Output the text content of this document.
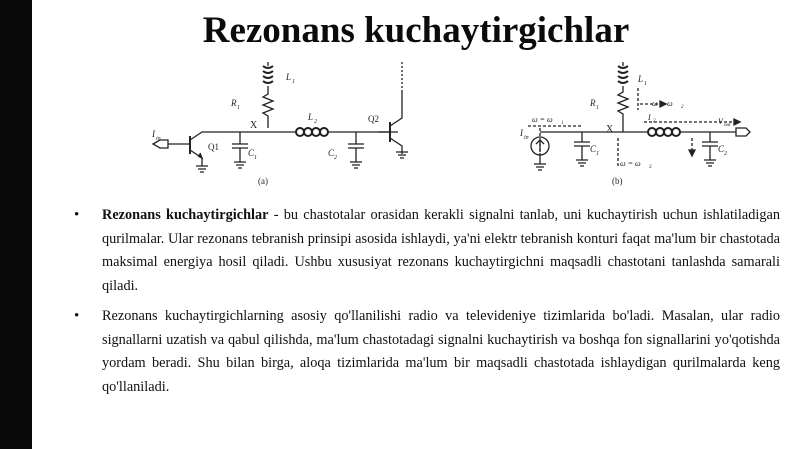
Rezonans kuchaytirgichlar
L 1
R 1
X
L 2
I in
Q1
C 1	C 2
Q2
(a)
L 1
R 1	ω = ω 2
ω = ω 1
X
I 2	V out
I in
C 1	C 2
ω = ω 3
(b)
• Rezonans kuchaytirgichlar - bu chastotalar orasidan kerakli signalni tanlab, uni kuchaytirish uchun ishlatiladigan qurilmalar. Ular rezonans tebranish prinsipi asosida ishlaydi, ya'ni elektr tebranish konturi faqat ma'lum bir chastotada maksimal energiya hosil qiladi. Ushbu xususiyat rezonans kuchaytirgichni maqsadli chastotani tanlashda samarali qiladi.
• Rezonans kuchaytirgichlarning asosiy qo'llanilishi radio va televideniye tizimlarida bo'ladi. Masalan, ular radio signallarni uzatish va qabul qilishda, ma'lum chastotadagi signalni kuchaytirish va boshqa fon signallarini yo'qotishda yordam beradi. Shu bilan birga, aloqa tizimlarida ma'lum bir maqsadli chastotada ishlaydigan qurilmalarda keng qo'llaniladi.
